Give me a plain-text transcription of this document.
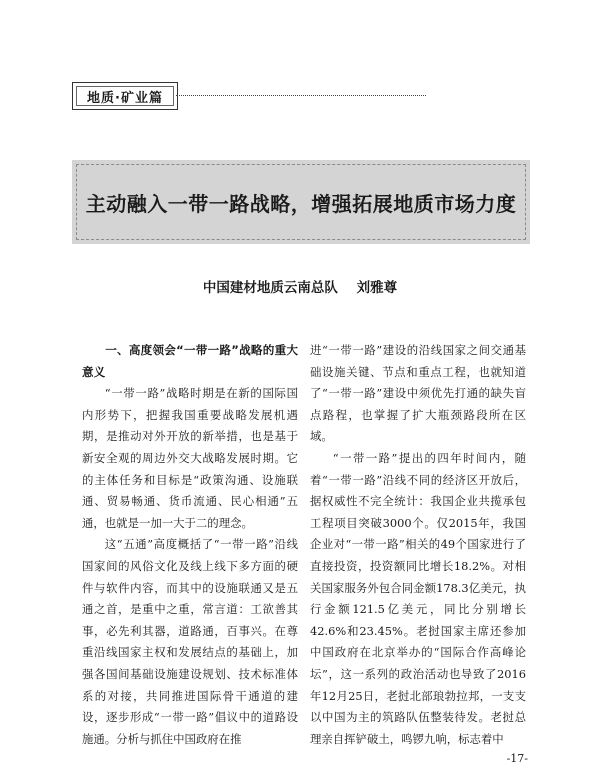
地质·矿业篇
主动融入一带一路战略，增强拓展地质市场力度
中国建材地质云南总队    刘雅尊
一、高度领会“一带一路”战略的重大意义

“一带一路”战略时期是在新的国际国内形势下，把握我国重要战略发展机遇期，是推动对外开放的新举措，也是基于新安全观的周边外交大战略发展时期。它的主体任务和目标是“政策沟通、设施联通、贸易畅通、货币流通、民心相通”五通，也就是一加一大于二的理念。

这“五通”高度概括了“一带一路”沿线国家间的风俗文化及线上线下多方面的硬件与软件内容，而其中的设施联通又是五通之首，是重中之重，常言道：工欲善其事，必先利其器，道路通，百事兴。在尊重沿线国家主权和发展结点的基础上，加强各国间基础设施建设规划、技术标准体系的对接，共同推进国际骨干通道的建设，逐步形成“一带一路”倡议中的道路设施通。分析与抓住中国政府在推

进“一带一路”建设的沿线国家之间交通基础设施关键、节点和重点工程，也就知道了“一带一路”建设中须优先打通的缺失盲点路程，也掌握了扩大瓶颈路段所在区域。

“一带一路”提出的四年时间内，随着“一带一路”沿线不同的经济区开放后，据权威性不完全统计：我国企业共揽承包工程项目突破3000个。仅2015年，我国企业对“一带一路”相关的49个国家进行了直接投资，投资额同比增长18.2%。对相关国家服务外包合同金额178.3亿美元，执行金额121.5亿美元，同比分别增长42.6%和23.45%。老挝国家主席还参加中国政府在北京举办的“国际合作高峰论坛”，这一系列的政治活动也导致了2016年12月25日，老挝北部琅勃拉邦，一支支以中国为主的筑路队伍整装待发。老挝总理亲自挥铲破土，鸣锣九响，标志着中

-17-
